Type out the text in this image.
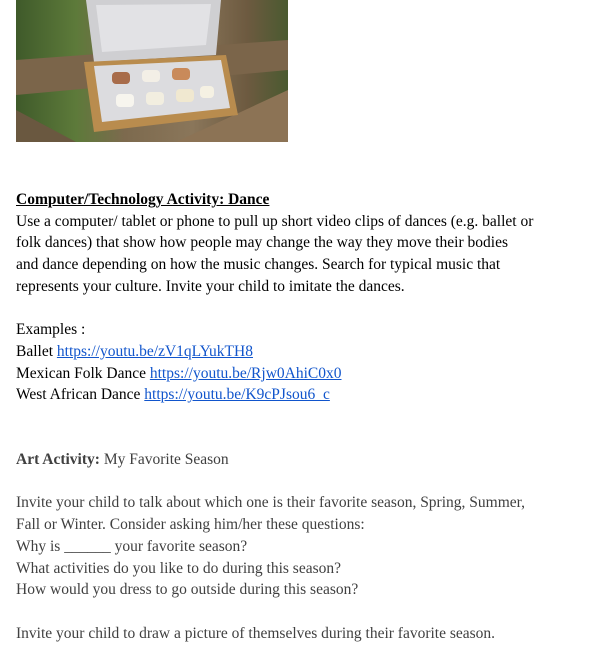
Computer/Technology Activity: Dance

Use a computer/ tablet or phone to pull up short video clips of dances (e.g. ballet or

folk dances) that show how people may change the way they move their bodies

and dance depending on how the music changes. Search for typical music that

represents your culture. Invite your child to imitate the dances.

Examples :

Ballet https://youtu.be/zV1qLYukTH8

Mexican Folk Dance https://youtu.be/Rjw0AhiC0x0

West African Dance https://youtu.be/K9cPJsou6_c

Art Activity: My Favorite Season

Invite your child to talk about which one is their favorite season, Spring, Summer,

Fall or Winter. Consider asking him/her these questions:

Why is ______ your favorite season?

What activities do you like to do during this season?

How would you dress to go outside during this season?

Invite your child to draw a picture of themselves during their favorite season.
